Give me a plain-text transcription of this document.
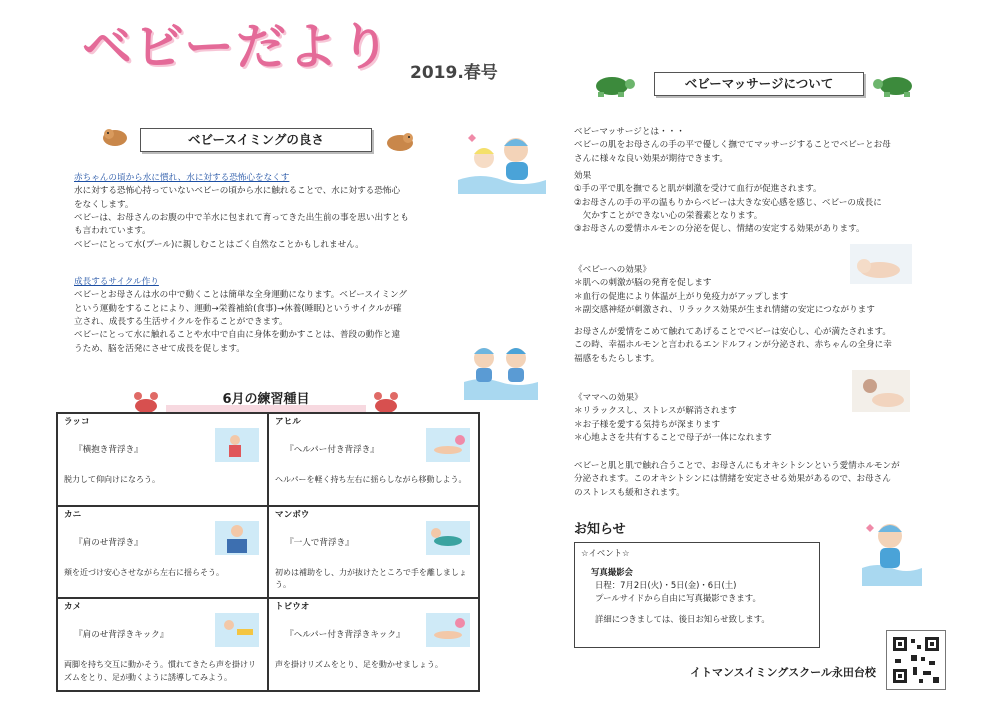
ベビーだより 2019.春号
ベビースイミングの良さ

赤ちゃんの頃から水に慣れ、水に対する恐怖心をなくす

水に対する恐怖心持っていないベビーの頃から水に触れることで、水に対する恐怖心

をなくします。

ベビーは、お母さんのお腹の中で羊水に包まれて育ってきた出生前の事を思い出すとも

も言われています。

ベビーにとって水(プール)に親しむことはごく自然なことかもしれません。

成長するサイクル作り

ベビーとお母さんは水の中で動くことは簡単な全身運動になります。ベビースイミング

という運動をすることにより、運動→栄養補給(食事)→休養(睡眠)というサイクルが確

立され、成長する生活サイクルを作ることができます。

ベビーにとって水に触れることや水中で自由に身体を動かすことは、普段の動作と違

うため、脳を活発にさせて成長を促します。

6月の練習種目
ラッコ
『横抱き背浮き』
脱力して仰向けになろう。
アヒル
『ヘルパー付き背浮き』
ヘルパーを軽く持ち左右に揺らしながら移動しよう。
カニ
『肩のせ背浮き』
頬を近づけ安心させながら左右に揺らそう。
マンボウ
『一人で背浮き』
初めは補助をし、力が抜けたところで手を離しましょう。
カメ
『肩のせ背浮きキック』
両脚を持ち交互に動かそう。慣れてきたら声を掛けリズムをとり、足が動くように誘導してみよう。
トビウオ
『ヘルパー付き背浮きキック』
声を掛けリズムをとり、足を動かせましょう。
ベビーマッサージについて

ベビーマッサージとは・・・

ベビーの肌をお母さんの手の平で優しく撫でてマッサージすることでベビーとお母

さんに様々な良い効果が期待できます。

効果

①手の平で肌を撫でると肌が刺激を受けて血行が促進されます。

②お母さんの手の平の温もりからベビーは大きな安心感を感じ、ベビーの成長に

　欠かすことができない心の栄養素となります。

③お母さんの愛情ホルモンの分泌を促し、情緒の安定する効果があります。

《ベビーへの効果》

＊肌への刺激が脳の発育を促します

＊血行の促進により体温が上がり免疫力がアップします

＊副交感神経が刺激され、リラックス効果が生まれ情緒の安定につながります

お母さんが愛情をこめて触れてあげることでベビーは安心し、心が満たされます。

この時、幸福ホルモンと言われるエンドルフィンが分泌され、赤ちゃんの全身に幸

福感をもたらします。

《ママへの効果》

＊リラックスし、ストレスが解消されます

＊お子様を愛する気持ちが深まります

＊心地よさを共有することで母子が一体になれます

ベビーと肌と肌で触れ合うことで、お母さんにもオキシトシンという愛情ホルモンが

分泌されます。このオキシトシンには情緒を安定させる効果があるので、お母さん

のストレスも緩和されます。

お知らせ

☆イベント☆

写真撮影会

日程：7月2日(火)・5日(金)・6日(土)

プールサイドから自由に写真撮影できます。

詳細につきましては、後日お知らせ致します。

イトマンスイミングスクール永田台校
